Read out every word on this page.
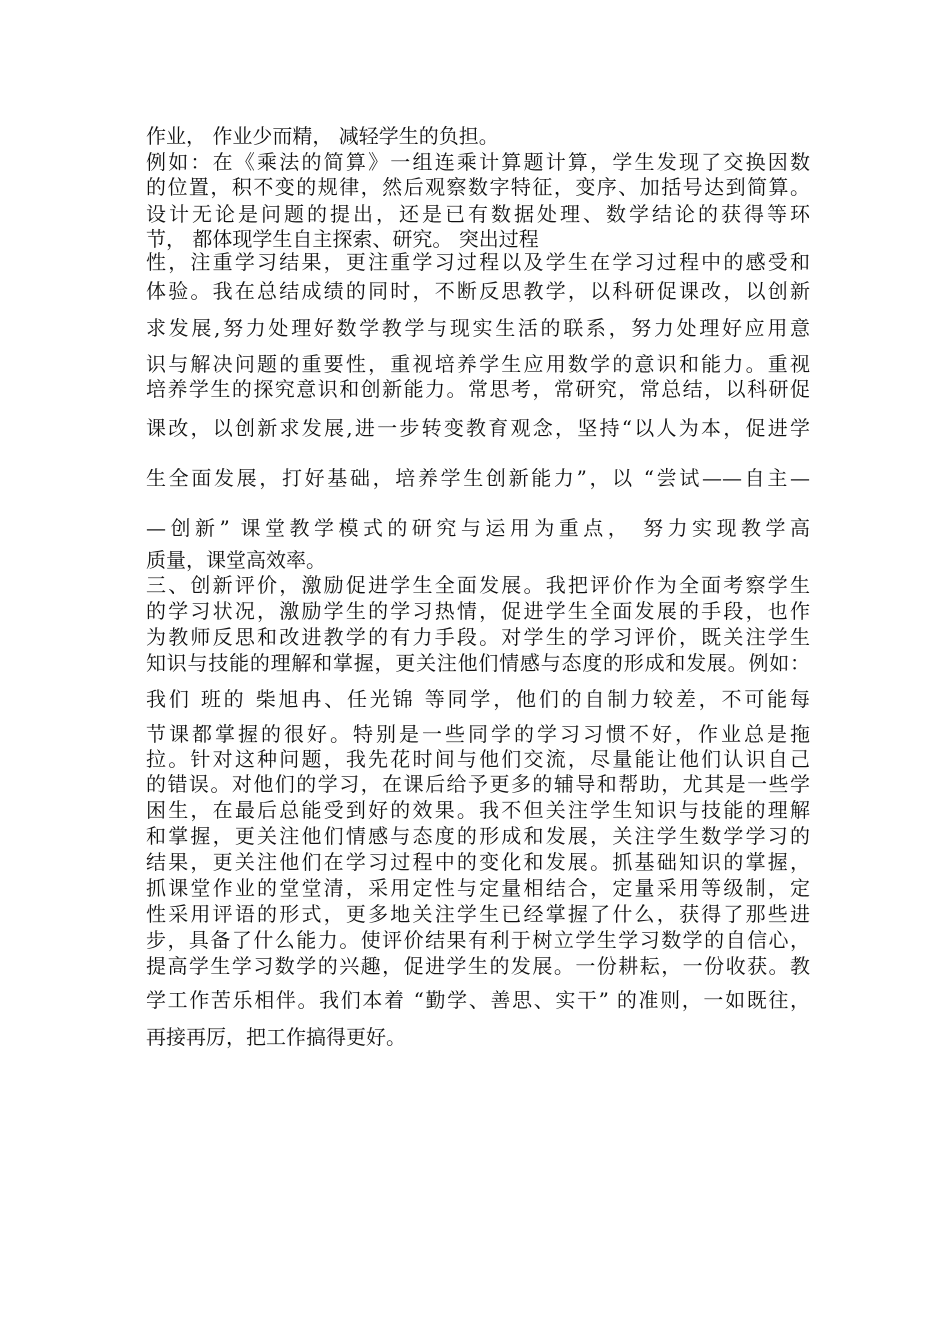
作业， 作业少而精， 减轻学生的负担。

例如：在《乘法的简算》一组连乘计算题计算，学生发现了交换因数

的位置，积不变的规律，然后观察数字特征，变序、加括号达到简算。

设计无论是问题的提出，还是已有数据处理、数学结论的获得等环

节， 都体现学生自主探索、研究。 突出过程

性，注重学习结果，更注重学习过程以及学生在学习过程中的感受和

体验。我在总结成绩的同时，不断反思教学，以科研促课改，以创新

求发展,努力处理好数学教学与现实生活的联系，努力处理好应用意

识与解决问题的重要性，重视培养学生应用数学的意识和能力。重视

培养学生的探究意识和创新能力。常思考，常研究，常总结，以科研促

课改，以创新求发展,进一步转变教育观念，坚持“以人为本，促进学

生全面发展，打好基础，培养学生创新能力”，以 “尝试——自主—

—创新” 课堂教学模式的研究与运用为重点， 努力实现教学高

质量，课堂高效率。

三、创新评价，激励促进学生全面发展。我把评价作为全面考察学生

的学习状况，激励学生的学习热情，促进学生全面发展的手段，也作

为教师反思和改进教学的有力手段。对学生的学习评价，既关注学生

知识与技能的理解和掌握，更关注他们情感与态度的形成和发展。例如：

我们 班的 柴旭冉、任光锦 等同学，他们的自制力较差，不可能每

节课都掌握的很好。特别是一些同学的学习习惯不好，作业总是拖

拉。针对这种问题，我先花时间与他们交流，尽量能让他们认识自己

的错误。对他们的学习，在课后给予更多的辅导和帮助，尤其是一些学

困生，在最后总能受到好的效果。我不但关注学生知识与技能的理解

和掌握，更关注他们情感与态度的形成和发展，关注学生数学学习的

结果，更关注他们在学习过程中的变化和发展。抓基础知识的掌握，

抓课堂作业的堂堂清，采用定性与定量相结合，定量采用等级制，定

性采用评语的形式，更多地关注学生已经掌握了什么，获得了那些进

步，具备了什么能力。使评价结果有利于树立学生学习数学的自信心，

提高学生学习数学的兴趣，促进学生的发展。一份耕耘，一份收获。教

学工作苦乐相伴。我们本着 “勤学、善思、实干” 的准则，一如既往，

再接再厉，把工作搞得更好。
